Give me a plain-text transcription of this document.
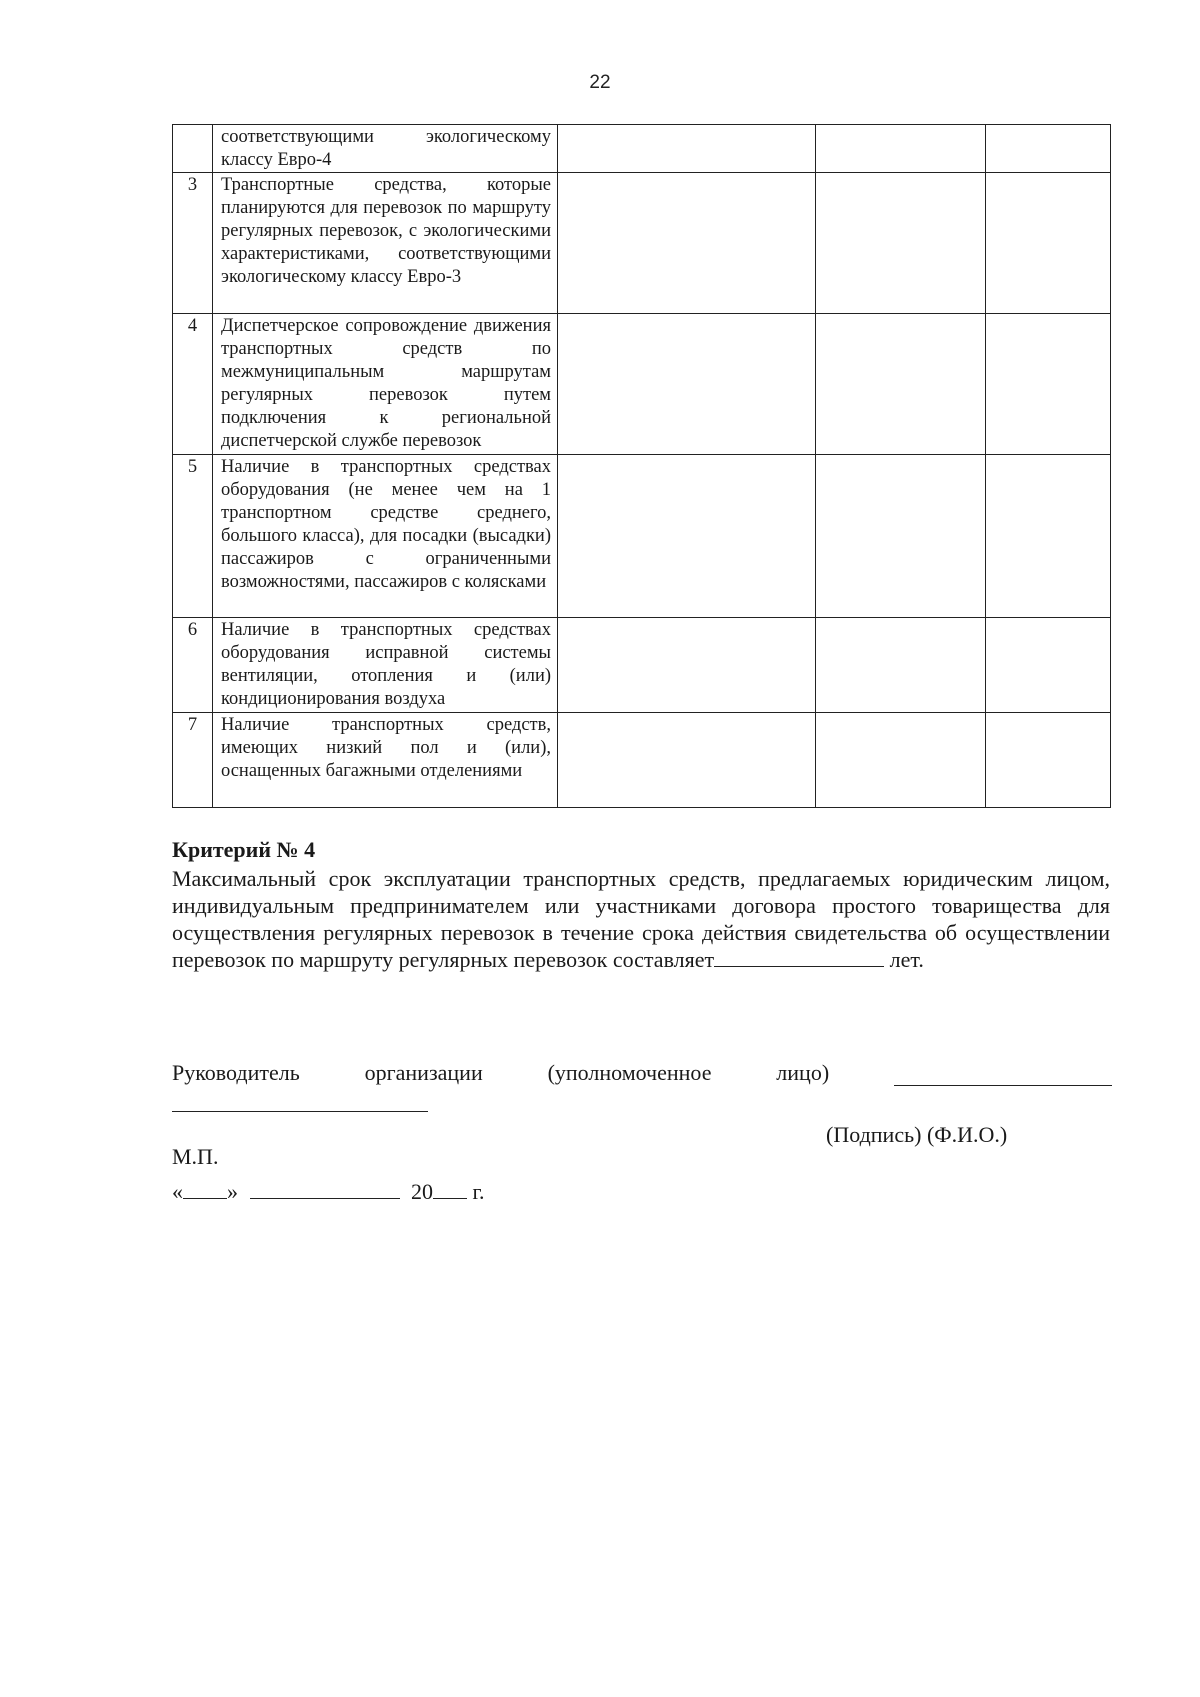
22
	соответствующими экологическому классу Евро-4			
3	Транспортные средства, которые планируются для перевозок по маршруту регулярных перевозок, с экологическими характеристиками, соответствующими экологическому классу Евро-3			
4	Диспетчерское сопровождение движения транспортных средств по межмуниципальным маршрутам регулярных перевозок путем подключения к региональной диспетчерской службе перевозок			
5	Наличие в транспортных средствах оборудования (не менее чем на 1 транспортном средстве среднего, большого класса), для посадки (высадки) пассажиров с ограниченными возможностями, пассажиров с колясками			
6	Наличие в транспортных средствах оборудования исправной системы вентиляции, отопления и (или) кондиционирования воздуха			
7	Наличие транспортных средств, имеющих низкий пол и (или), оснащенных багажными отделениями			

Критерий № 4

Максимальный срок эксплуатации транспортных средств, предлагаемых юридическим лицом, индивидуальным предпринимателем или участниками договора простого товарищества для осуществления регулярных перевозок в течение срока действия свидетельства об осуществлении перевозок по маршруту регулярных перевозок составляет	лет.

Руководитель	организации	(уполномоченное	лицо)
(Подпись) (Ф.И.О.)
М.П.
« »	20 г.
